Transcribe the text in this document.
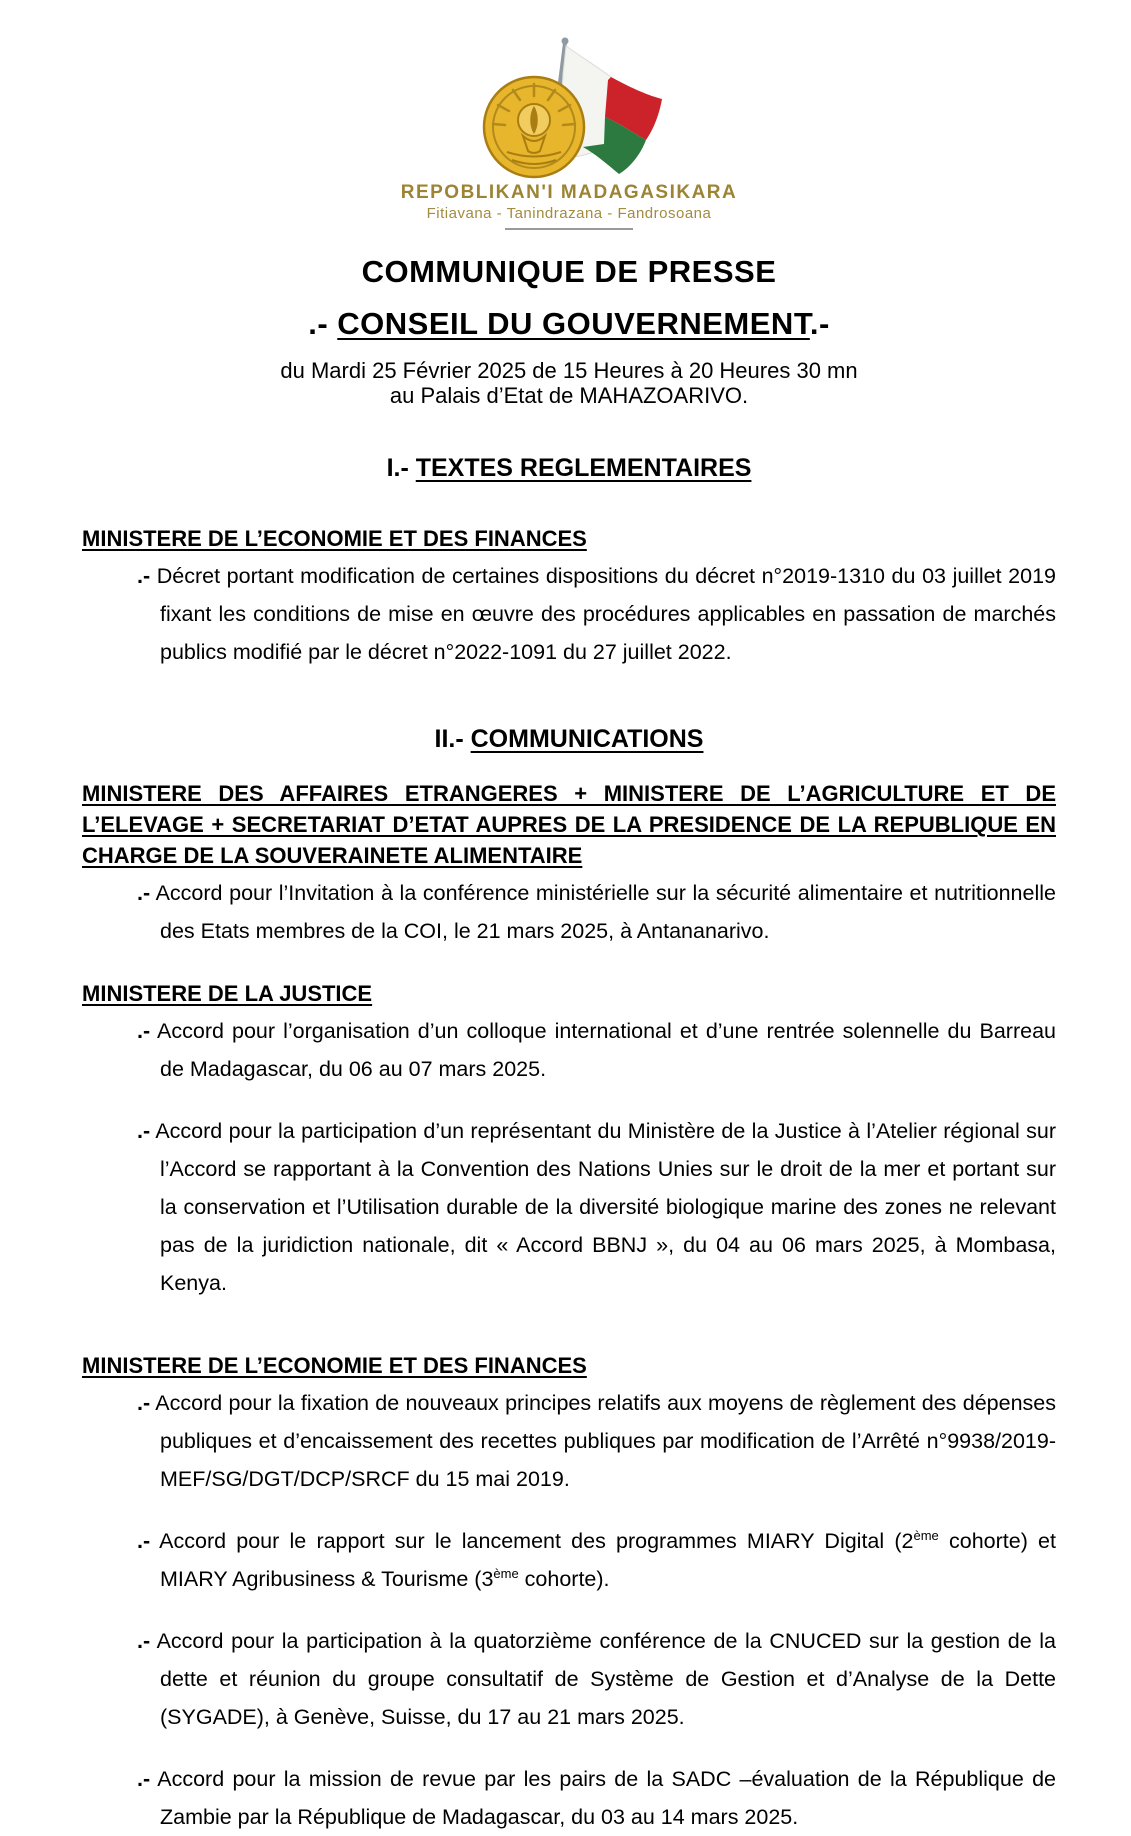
REPOBLIKAN'I MADAGASIKARA
Fitiavana - Tanindrazana - Fandrosoana
COMMUNIQUE DE PRESSE
.- CONSEIL DU GOUVERNEMENT.-

du Mardi 25 Février 2025 de 15 Heures à 20 Heures 30 mn

au Palais d’Etat de MAHAZOARIVO.

I.- TEXTES REGLEMENTAIRES
MINISTERE DE L’ECONOMIE ET DES FINANCES

.- Décret portant modification de certaines dispositions du décret n°2019-1310 du 03 juillet 2019 fixant les conditions de mise en œuvre des procédures applicables en passation de marchés publics modifié par le décret n°2022-1091 du 27 juillet 2022.

II.- COMMUNICATIONS
MINISTERE DES AFFAIRES ETRANGERES + MINISTERE DE L’AGRICULTURE ET DE L’ELEVAGE + SECRETARIAT D’ETAT AUPRES DE LA PRESIDENCE DE LA REPUBLIQUE EN CHARGE DE LA SOUVERAINETE ALIMENTAIRE

.- Accord pour l’Invitation à la conférence ministérielle sur la sécurité alimentaire et nutritionnelle des Etats membres de la COI, le 21 mars 2025, à Antananarivo.

MINISTERE DE LA JUSTICE

.- Accord pour l’organisation d’un colloque international et d’une rentrée solennelle du Barreau de Madagascar, du 06 au 07 mars 2025.

.- Accord pour la participation d’un représentant du Ministère de la Justice à l’Atelier régional sur l’Accord se rapportant à la Convention des Nations Unies sur le droit de la mer et portant sur la conservation et l’Utilisation durable de la diversité biologique marine des zones ne relevant pas de la juridiction nationale, dit « Accord BBNJ », du 04 au 06 mars 2025, à Mombasa, Kenya.

MINISTERE DE L’ECONOMIE ET DES FINANCES

.- Accord pour la fixation de nouveaux principes relatifs aux moyens de règlement des dépenses publiques et d’encaissement des recettes publiques par modification de l’Arrêté n°9938/2019-MEF/SG/DGT/DCP/SRCF du 15 mai 2019.

.- Accord pour le rapport sur le lancement des programmes MIARY Digital (2ème cohorte) et MIARY Agribusiness & Tourisme (3ème cohorte).

.- Accord pour la participation à la quatorzième conférence de la CNUCED sur la gestion de la dette et réunion du groupe consultatif de Système de Gestion et d’Analyse de la Dette (SYGADE), à Genève, Suisse, du 17 au 21 mars 2025.

.- Accord pour la mission de revue par les pairs de la SADC –évaluation de la République de Zambie par la République de Madagascar, du 03 au 14 mars 2025.
